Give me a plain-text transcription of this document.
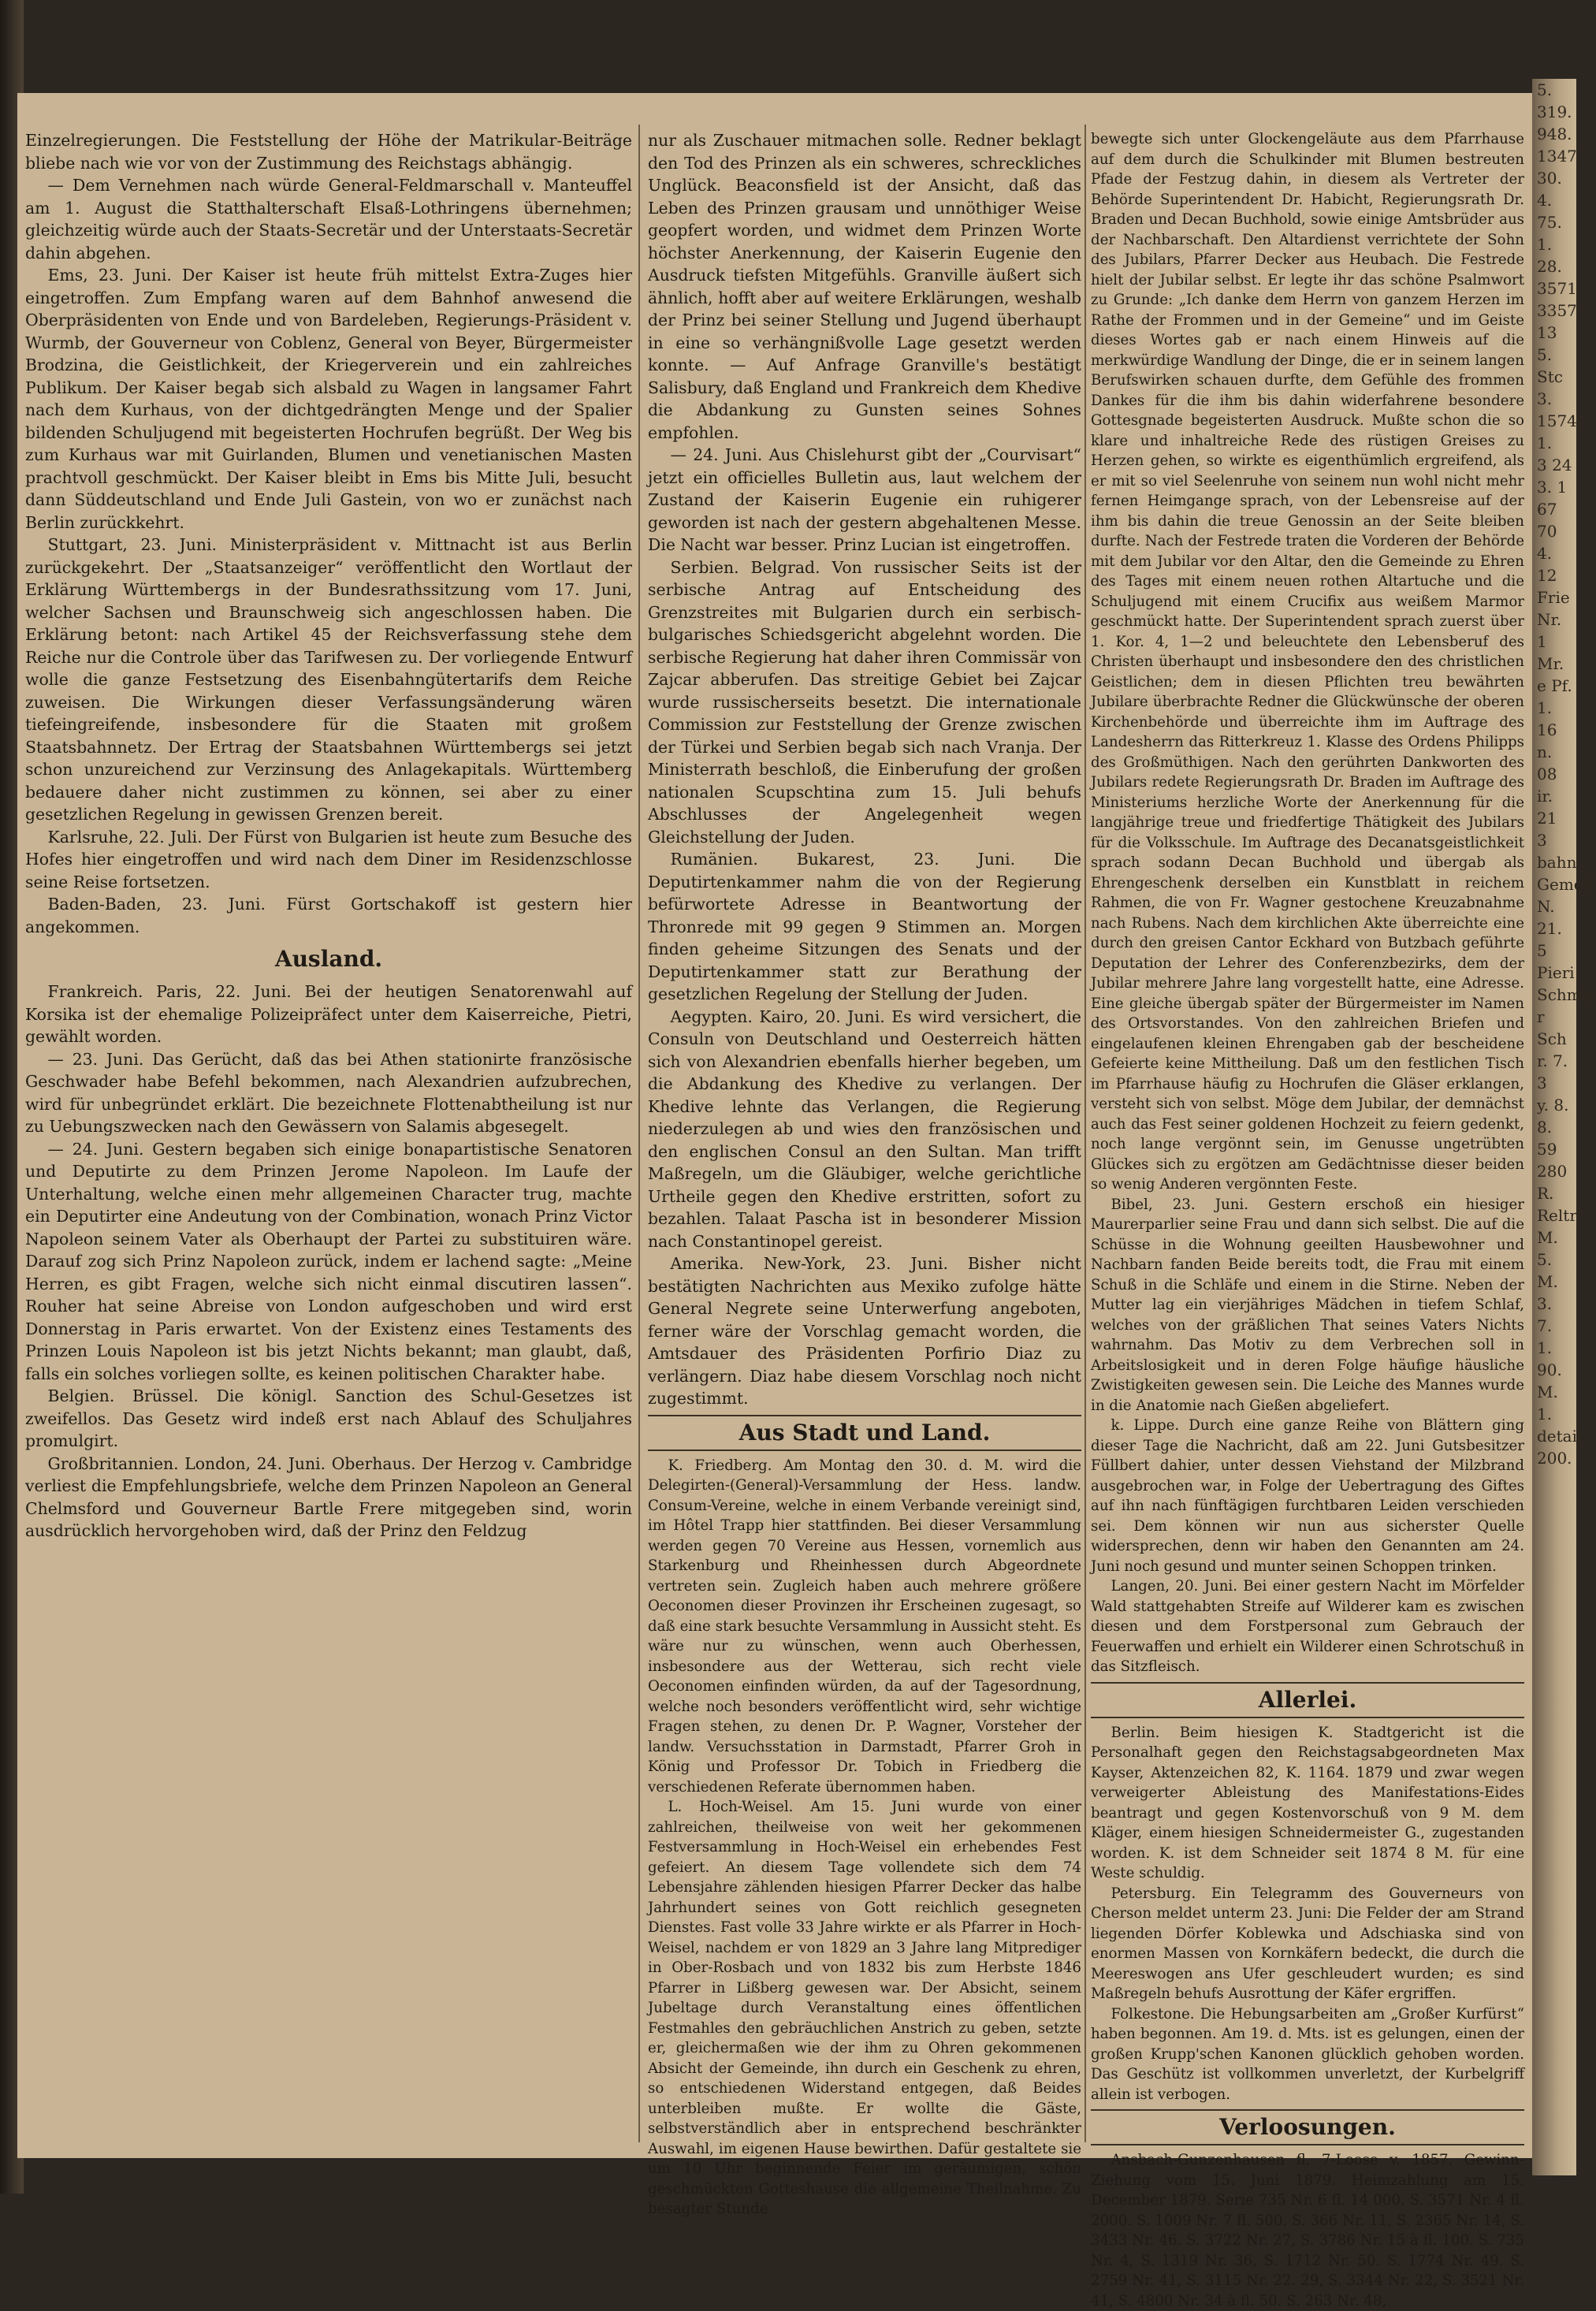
Einzelregierungen. Die Feststellung der Höhe der Matrikular-Beiträge bliebe nach wie vor von der Zustimmung des Reichstags abhängig.

— Dem Vernehmen nach würde General-Feldmarschall v. Manteuffel am 1. August die Statthalterschaft Elsaß-Lothringens übernehmen; gleichzeitig würde auch der Staats-Secretär und der Unterstaats-Secretär dahin abgehen.

Ems, 23. Juni. Der Kaiser ist heute früh mittelst Extra-Zuges hier eingetroffen. Zum Empfang waren auf dem Bahnhof anwesend die Oberpräsidenten von Ende und von Bardeleben, Regierungs-Präsident v. Wurmb, der Gouverneur von Coblenz, General von Beyer, Bürgermeister Brodzina, die Geistlichkeit, der Kriegerverein und ein zahlreiches Publikum. Der Kaiser begab sich alsbald zu Wagen in langsamer Fahrt nach dem Kurhaus, von der dichtgedrängten Menge und der Spalier bildenden Schuljugend mit begeisterten Hochrufen begrüßt. Der Weg bis zum Kurhaus war mit Guirlanden, Blumen und venetianischen Masten prachtvoll geschmückt. Der Kaiser bleibt in Ems bis Mitte Juli, besucht dann Süddeutschland und Ende Juli Gastein, von wo er zunächst nach Berlin zurückkehrt.

Stuttgart, 23. Juni. Ministerpräsident v. Mittnacht ist aus Berlin zurückgekehrt. Der „Staatsanzeiger“ veröffentlicht den Wortlaut der Erklärung Württembergs in der Bundesrathssitzung vom 17. Juni, welcher Sachsen und Braunschweig sich angeschlossen haben. Die Erklärung betont: nach Artikel 45 der Reichsverfassung stehe dem Reiche nur die Controle über das Tarifwesen zu. Der vorliegende Entwurf wolle die ganze Festsetzung des Eisenbahngütertarifs dem Reiche zuweisen. Die Wirkungen dieser Verfassungsänderung wären tiefeingreifende, insbesondere für die Staaten mit großem Staatsbahnnetz. Der Ertrag der Staatsbahnen Württembergs sei jetzt schon unzureichend zur Verzinsung des Anlagekapitals. Württemberg bedauere daher nicht zustimmen zu können, sei aber zu einer gesetzlichen Regelung in gewissen Grenzen bereit.

Karlsruhe, 22. Juli. Der Fürst von Bulgarien ist heute zum Besuche des Hofes hier eingetroffen und wird nach dem Diner im Residenzschlosse seine Reise fortsetzen.

Baden-Baden, 23. Juni. Fürst Gortschakoff ist gestern hier angekommen.

Ausland.

Frankreich. Paris, 22. Juni. Bei der heutigen Senatorenwahl auf Korsika ist der ehemalige Polizeipräfect unter dem Kaiserreiche, Pietri, gewählt worden.

— 23. Juni. Das Gerücht, daß das bei Athen stationirte französische Geschwader habe Befehl bekommen, nach Alexandrien aufzubrechen, wird für unbegründet erklärt. Die bezeichnete Flottenabtheilung ist nur zu Uebungszwecken nach den Gewässern von Salamis abgesegelt.

— 24. Juni. Gestern begaben sich einige bonapartistische Senatoren und Deputirte zu dem Prinzen Jerome Napoleon. Im Laufe der Unterhaltung, welche einen mehr allgemeinen Character trug, machte ein Deputirter eine Andeutung von der Combination, wonach Prinz Victor Napoleon seinem Vater als Oberhaupt der Partei zu substituiren wäre. Darauf zog sich Prinz Napoleon zurück, indem er lachend sagte: „Meine Herren, es gibt Fragen, welche sich nicht einmal discutiren lassen“. Rouher hat seine Abreise von London aufgeschoben und wird erst Donnerstag in Paris erwartet. Von der Existenz eines Testaments des Prinzen Louis Napoleon ist bis jetzt Nichts bekannt; man glaubt, daß, falls ein solches vorliegen sollte, es keinen politischen Charakter habe.

Belgien. Brüssel. Die königl. Sanction des Schul-Gesetzes ist zweifellos. Das Gesetz wird indeß erst nach Ablauf des Schuljahres promulgirt.

Großbritannien. London, 24. Juni. Oberhaus. Der Herzog v. Cambridge verliest die Empfehlungsbriefe, welche dem Prinzen Napoleon an General Chelmsford und Gouverneur Bartle Frere mitgegeben sind, worin ausdrücklich hervorgehoben wird, daß der Prinz den Feldzug

nur als Zuschauer mitmachen solle. Redner beklagt den Tod des Prinzen als ein schweres, schreckliches Unglück. Beaconsfield ist der Ansicht, daß das Leben des Prinzen grausam und unnöthiger Weise geopfert worden, und widmet dem Prinzen Worte höchster Anerkennung, der Kaiserin Eugenie den Ausdruck tiefsten Mitgefühls. Granville äußert sich ähnlich, hofft aber auf weitere Erklärungen, weshalb der Prinz bei seiner Stellung und Jugend überhaupt in eine so verhängnißvolle Lage gesetzt werden konnte. — Auf Anfrage Granville's bestätigt Salisbury, daß England und Frankreich dem Khedive die Abdankung zu Gunsten seines Sohnes empfohlen.

— 24. Juni. Aus Chislehurst gibt der „Courvisart“ jetzt ein officielles Bulletin aus, laut welchem der Zustand der Kaiserin Eugenie ein ruhigerer geworden ist nach der gestern abgehaltenen Messe. Die Nacht war besser. Prinz Lucian ist eingetroffen.

Serbien. Belgrad. Von russischer Seits ist der serbische Antrag auf Entscheidung des Grenzstreites mit Bulgarien durch ein serbisch-bulgarisches Schiedsgericht abgelehnt worden. Die serbische Regierung hat daher ihren Commissär von Zajcar abberufen. Das streitige Gebiet bei Zajcar wurde russischerseits besetzt. Die internationale Commission zur Feststellung der Grenze zwischen der Türkei und Serbien begab sich nach Vranja. Der Ministerrath beschloß, die Einberufung der großen nationalen Scupschtina zum 15. Juli behufs Abschlusses der Angelegenheit wegen Gleichstellung der Juden.

Rumänien. Bukarest, 23. Juni. Die Deputirtenkammer nahm die von der Regierung befürwortete Adresse in Beantwortung der Thronrede mit 99 gegen 9 Stimmen an. Morgen finden geheime Sitzungen des Senats und der Deputirtenkammer statt zur Berathung der gesetzlichen Regelung der Stellung der Juden.

Aegypten. Kairo, 20. Juni. Es wird versichert, die Consuln von Deutschland und Oesterreich hätten sich von Alexandrien ebenfalls hierher begeben, um die Abdankung des Khedive zu verlangen. Der Khedive lehnte das Verlangen, die Regierung niederzulegen ab und wies den französischen und den englischen Consul an den Sultan. Man trifft Maßregeln, um die Gläubiger, welche gerichtliche Urtheile gegen den Khedive erstritten, sofort zu bezahlen. Talaat Pascha ist in besonderer Mission nach Constantinopel gereist.

Amerika. New-York, 23. Juni. Bisher nicht bestätigten Nachrichten aus Mexiko zufolge hätte General Negrete seine Unterwerfung angeboten, ferner wäre der Vorschlag gemacht worden, die Amtsdauer des Präsidenten Porfirio Diaz zu verlängern. Diaz habe diesem Vorschlag noch nicht zugestimmt.

Aus Stadt und Land.

K. Friedberg. Am Montag den 30. d. M. wird die Delegirten-(General)-Versammlung der Hess. landw. Consum-Vereine, welche in einem Verbande vereinigt sind, im Hôtel Trapp hier stattfinden. Bei dieser Versammlung werden gegen 70 Vereine aus Hessen, vornemlich aus Starkenburg und Rheinhessen durch Abgeordnete vertreten sein. Zugleich haben auch mehrere größere Oeconomen dieser Provinzen ihr Erscheinen zugesagt, so daß eine stark besuchte Versammlung in Aussicht steht. Es wäre nur zu wünschen, wenn auch Oberhessen, insbesondere aus der Wetterau, sich recht viele Oeconomen einfinden würden, da auf der Tagesordnung, welche noch besonders veröffentlicht wird, sehr wichtige Fragen stehen, zu denen Dr. P. Wagner, Vorsteher der landw. Versuchsstation in Darmstadt, Pfarrer Groh in König und Professor Dr. Tobich in Friedberg die verschiedenen Referate übernommen haben.

L. Hoch-Weisel. Am 15. Juni wurde von einer zahlreichen, theilweise von weit her gekommenen Festversammlung in Hoch-Weisel ein erhebendes Fest gefeiert. An diesem Tage vollendete sich dem 74 Lebensjahre zählenden hiesigen Pfarrer Decker das halbe Jahrhundert seines von Gott reichlich gesegneten Dienstes. Fast volle 33 Jahre wirkte er als Pfarrer in Hoch-Weisel, nachdem er von 1829 an 3 Jahre lang Mitprediger in Ober-Rosbach und von 1832 bis zum Herbste 1846 Pfarrer in Lißberg gewesen war. Der Absicht, seinem Jubeltage durch Veranstaltung eines öffentlichen Festmahles den gebräuchlichen Anstrich zu geben, setzte er, gleichermaßen wie der ihm zu Ohren gekommenen Absicht der Gemeinde, ihn durch ein Geschenk zu ehren, so entschiedenen Widerstand entgegen, daß Beides unterbleiben mußte. Er wollte die Gäste, selbstverständlich aber in entsprechend beschränkter Auswahl, im eigenen Hause bewirthen. Dafür gestaltete sie um 10 Uhr beginnende Feier im geräumigen, schön geschmückten Gotteshause die allgemeine Theilnahme. Zu besagter Stunde

bewegte sich unter Glockengeläute aus dem Pfarrhause auf dem durch die Schulkinder mit Blumen bestreuten Pfade der Festzug dahin, in diesem als Vertreter der Behörde Superintendent Dr. Habicht, Regierungsrath Dr. Braden und Decan Buchhold, sowie einige Amtsbrüder aus der Nachbarschaft. Den Altardienst verrichtete der Sohn des Jubilars, Pfarrer Decker aus Heubach. Die Festrede hielt der Jubilar selbst. Er legte ihr das schöne Psalmwort zu Grunde: „Ich danke dem Herrn von ganzem Herzen im Rathe der Frommen und in der Gemeine“ und im Geiste dieses Wortes gab er nach einem Hinweis auf die merkwürdige Wandlung der Dinge, die er in seinem langen Berufswirken schauen durfte, dem Gefühle des frommen Dankes für die ihm bis dahin widerfahrene besondere Gottesgnade begeisterten Ausdruck. Mußte schon die so klare und inhaltreiche Rede des rüstigen Greises zu Herzen gehen, so wirkte es eigenthümlich ergreifend, als er mit so viel Seelenruhe von seinem nun wohl nicht mehr fernen Heimgange sprach, von der Lebensreise auf der ihm bis dahin die treue Genossin an der Seite bleiben durfte. Nach der Festrede traten die Vorderen der Behörde mit dem Jubilar vor den Altar, den die Gemeinde zu Ehren des Tages mit einem neuen rothen Altartuche und die Schuljugend mit einem Crucifix aus weißem Marmor geschmückt hatte. Der Superintendent sprach zuerst über 1. Kor. 4, 1—2 und beleuchtete den Lebensberuf des Christen überhaupt und insbesondere den des christlichen Geistlichen; dem in diesen Pflichten treu bewährten Jubilare überbrachte Redner die Glückwünsche der oberen Kirchenbehörde und überreichte ihm im Auftrage des Landesherrn das Ritterkreuz 1. Klasse des Ordens Philipps des Großmüthigen. Nach den gerührten Dankworten des Jubilars redete Regierungsrath Dr. Braden im Auftrage des Ministeriums herzliche Worte der Anerkennung für die langjährige treue und friedfertige Thätigkeit des Jubilars für die Volksschule. Im Auftrage des Decanatsgeistlichkeit sprach sodann Decan Buchhold und übergab als Ehrengeschenk derselben ein Kunstblatt in reichem Rahmen, die von Fr. Wagner gestochene Kreuzabnahme nach Rubens. Nach dem kirchlichen Akte überreichte eine durch den greisen Cantor Eckhard von Butzbach geführte Deputation der Lehrer des Conferenzbezirks, dem der Jubilar mehrere Jahre lang vorgestellt hatte, eine Adresse. Eine gleiche übergab später der Bürgermeister im Namen des Ortsvorstandes. Von den zahlreichen Briefen und eingelaufenen kleinen Ehrengaben gab der bescheidene Gefeierte keine Mittheilung. Daß um den festlichen Tisch im Pfarrhause häufig zu Hochrufen die Gläser erklangen, versteht sich von selbst. Möge dem Jubilar, der demnächst auch das Fest seiner goldenen Hochzeit zu feiern gedenkt, noch lange vergönnt sein, im Genusse ungetrübten Glückes sich zu ergötzen am Gedächtnisse dieser beiden so wenig Anderen vergönnten Feste.

Bibel, 23. Juni. Gestern erschoß ein hiesiger Maurerparlier seine Frau und dann sich selbst. Die auf die Schüsse in die Wohnung geeilten Hausbewohner und Nachbarn fanden Beide bereits todt, die Frau mit einem Schuß in die Schläfe und einem in die Stirne. Neben der Mutter lag ein vierjähriges Mädchen in tiefem Schlaf, welches von der gräßlichen That seines Vaters Nichts wahrnahm. Das Motiv zu dem Verbrechen soll in Arbeitslosigkeit und in deren Folge häufige häusliche Zwistigkeiten gewesen sein. Die Leiche des Mannes wurde in die Anatomie nach Gießen abgeliefert.

k. Lippe. Durch eine ganze Reihe von Blättern ging dieser Tage die Nachricht, daß am 22. Juni Gutsbesitzer Füllbert dahier, unter dessen Viehstand der Milzbrand ausgebrochen war, in Folge der Uebertragung des Giftes auf ihn nach fünftägigen furchtbaren Leiden verschieden sei. Dem können wir nun aus sicherster Quelle widersprechen, denn wir haben den Genannten am 24. Juni noch gesund und munter seinen Schoppen trinken.

Langen, 20. Juni. Bei einer gestern Nacht im Mörfelder Wald stattgehabten Streife auf Wilderer kam es zwischen diesen und dem Forstpersonal zum Gebrauch der Feuerwaffen und erhielt ein Wilderer einen Schrotschuß in das Sitzfleisch.

Allerlei.

Berlin. Beim hiesigen K. Stadtgericht ist die Personalhaft gegen den Reichstagsabgeordneten Max Kayser, Aktenzeichen 82, K. 1164. 1879 und zwar wegen verweigerter Ableistung des Manifestations-Eides beantragt und gegen Kostenvorschuß von 9 M. dem Kläger, einem hiesigen Schneidermeister G., zugestanden worden. K. ist dem Schneider seit 1874 8 M. für eine Weste schuldig.

Petersburg. Ein Telegramm des Gouverneurs von Cherson meldet unterm 23. Juni: Die Felder der am Strand liegenden Dörfer Koblewka und Adschiaska sind von enormen Massen von Kornkäfern bedeckt, die durch die Meereswogen ans Ufer geschleudert wurden; es sind Maßregeln behufs Ausrottung der Käfer ergriffen.

Folkestone. Die Hebungsarbeiten am „Großer Kurfürst“ haben begonnen. Am 19. d. Mts. ist es gelungen, einen der großen Krupp'schen Kanonen glücklich gehoben worden. Das Geschütz ist vollkommen unverletzt, der Kurbelgriff allein ist verbogen.

Verloosungen.

Ansbach-Gunzenhausen fl. 7-Loose v. 1857. Gewinn-Ziehung vom 15. Juni 1879. Heimzahlung am 15. December 1879. Serie 735 Nr. 6 fl. 14 000. S. 3571 Nr. 4 fl. 2000. S. 1009 Nr. 7 fl. 500. S. 366 Nr. 11, S. 2365 Nr. 14, S. 3433 Nr. 46. S. 3722 Nr. 27, S. 3786 Nr. 15 à fl. 100. S. 735 Nr. 4, S. 1319 Nr. 36, S. 1712 Nr. 50. S. 1774 Nr. 49. S. 2759 Nr. 41, S. 3115 Nr. 22. 29, S. 3344 Nr. 22, S. 3521 Nr. 41, S. 4800 Nr. 34 à fl. 50. S. 263 Nr. 48,

5.
319.
948.
1347.
30.
4.
75.
1.
28.
3571
3357
13
5.
Stc
3.
1574
1.
3 24
3. 1
67 70
4.
12
Frie
Nr. 1
Mr.
e Pf.
1. 16
n. 08
ir. 21
3 bahn
Gemeff
N. 21.
5 Pieri
Schmie
r Sch
r. 7. 3
y. 8.
8. 59
280 R.
Reltr
M. 5.
M. 3.
7.
1.
90.
M. 1.
detail
200.
